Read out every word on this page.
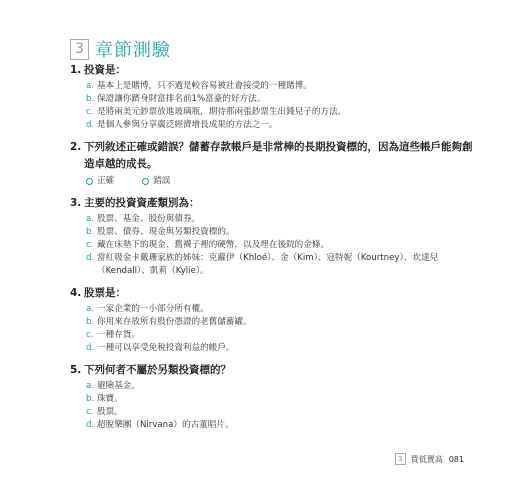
3 章節測驗
1. 投資是：
a. 基本上是賭博，只不過是較容易被社會接受的一種賭博。
b. 保證讓你躋身財富排名前1%富豪的好方法。
c. 是將兩美元鈔票放進玻璃瓶，期待那兩張鈔票生出錢兒子的方法。
d. 是個人參與分享廣泛經濟增長成果的方法之一。
2. 下列敘述正確或錯誤？儲蓄存款帳戶是非常棒的長期投資標的，因為這些帳戶能夠創造卓越的成長。
正確	錯誤
3. 主要的投資資產類別為：
a. 股票、基金、股份與債券。
b. 股票、債券、現金與另類投資標的。
c. 藏在床墊下的現金、舊襪子裡的硬幣，以及埋在後院的金條。
d. 當紅吸金卡戴珊家族的姊妹：克蘿伊（Khloé）、金（Kim）、寇特妮（Kourtney）、坎達兒（Kendall）、凱莉（Kylie）。
4. 股票是：
a. 一家企業的一小部分所有權。
b. 你用來存放所有股份憑證的老舊儲蓄罐。
c. 一種存貨。
d. 一種可以享受免稅投資利益的帳戶。
5. 下列何者不屬於另類投資標的？
a. 避險基金。
b. 珠寶。
c. 股票。
d. 超脫樂團（Nirvana）的古董唱片。
3	買低賣高 081
